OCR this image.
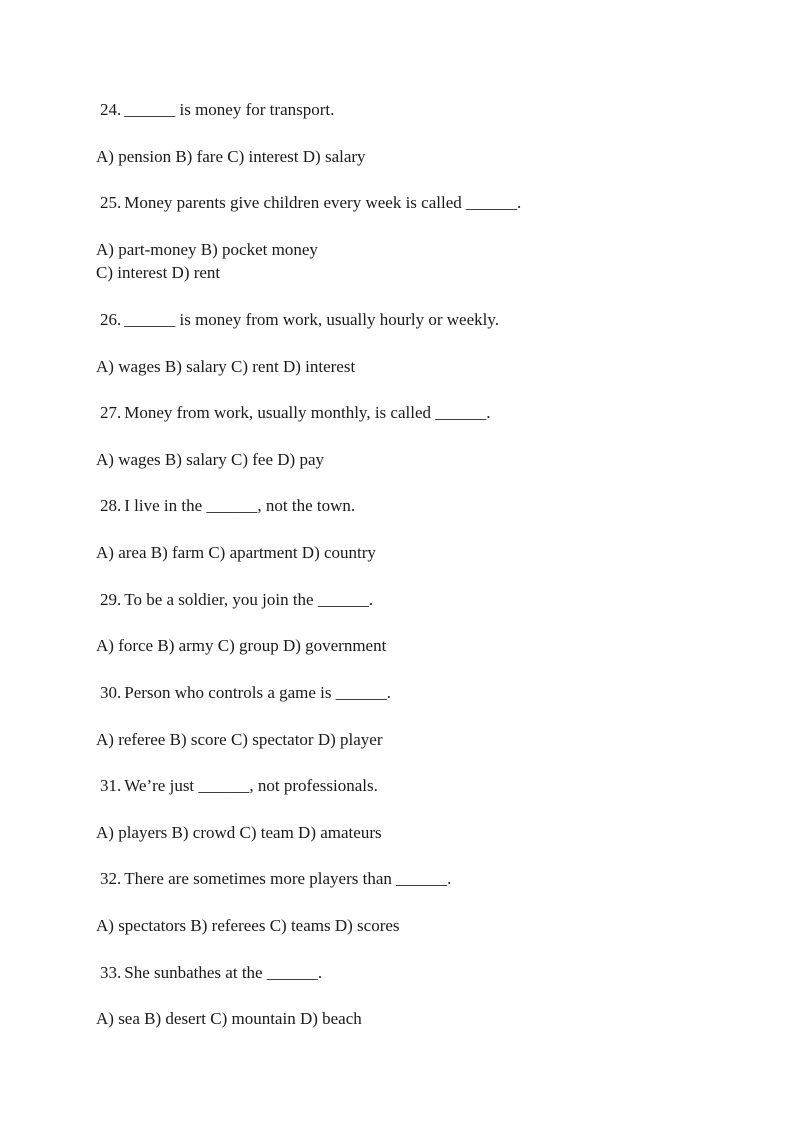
24. ______ is money for transport.
A) pension B) fare C) interest D) salary
25. Money parents give children every week is called ______.
A) part-money B) pocket money
C) interest D) rent
26. ______ is money from work, usually hourly or weekly.
A) wages B) salary C) rent D) interest
27. Money from work, usually monthly, is called ______.
A) wages B) salary C) fee D) pay
28. I live in the ______, not the town.
A) area B) farm C) apartment D) country
29. To be a soldier, you join the ______.
A) force B) army C) group D) government
30. Person who controls a game is ______.
A) referee B) score C) spectator D) player
31. We’re just ______, not professionals.
A) players B) crowd C) team D) amateurs
32. There are sometimes more players than ______.
A) spectators B) referees C) teams D) scores
33. She sunbathes at the ______.
A) sea B) desert C) mountain D) beach
